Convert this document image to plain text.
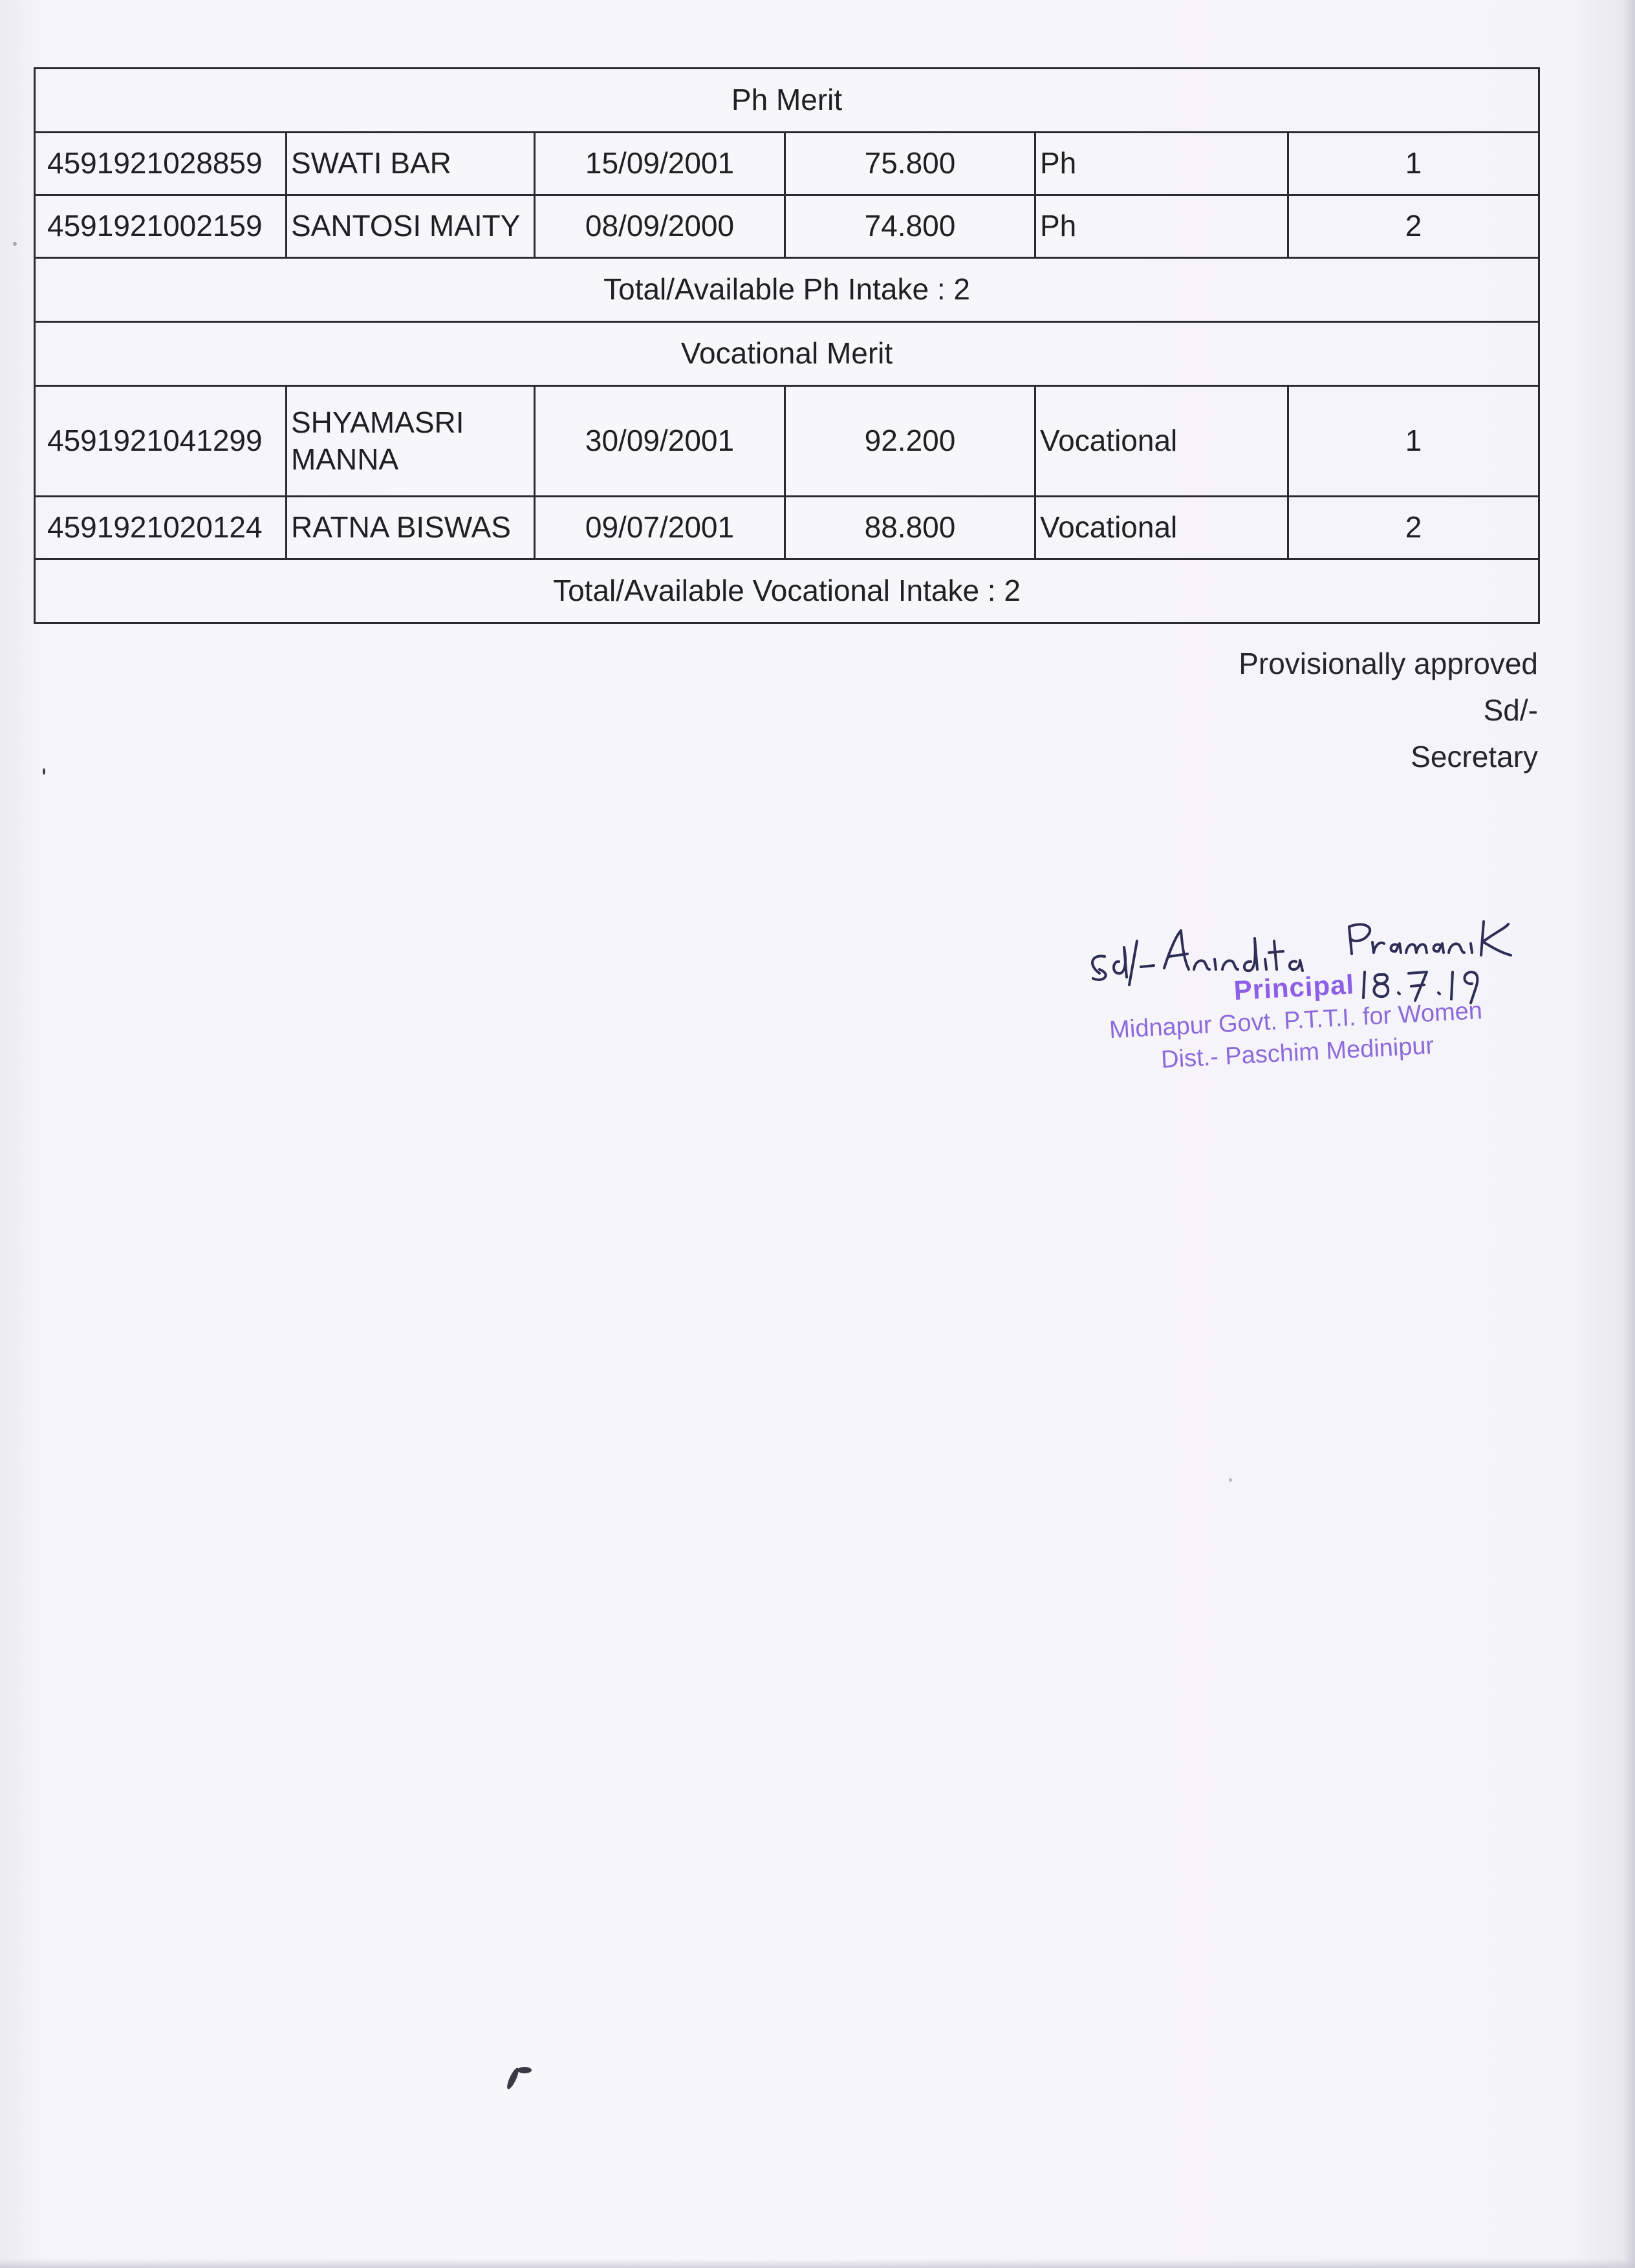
Ph Merit					
4591921028859	SWATI BAR	15/09/2001	75.800	Ph	1
4591921002159	SANTOSI MAITY	08/09/2000	74.800	Ph	2
Total/Available Ph Intake : 2					
Vocational Merit					
4591921041299	SHYAMASRI MANNA	30/09/2001	92.200	Vocational	1
4591921020124	RATNA BISWAS	09/07/2001	88.800	Vocational	2
Total/Available Vocational Intake : 2					
Provisionally approved
Sd/-
Secretary
Principal
Midnapur Govt. P.T.T.I. for Women
Dist.- Paschim Medinipur
